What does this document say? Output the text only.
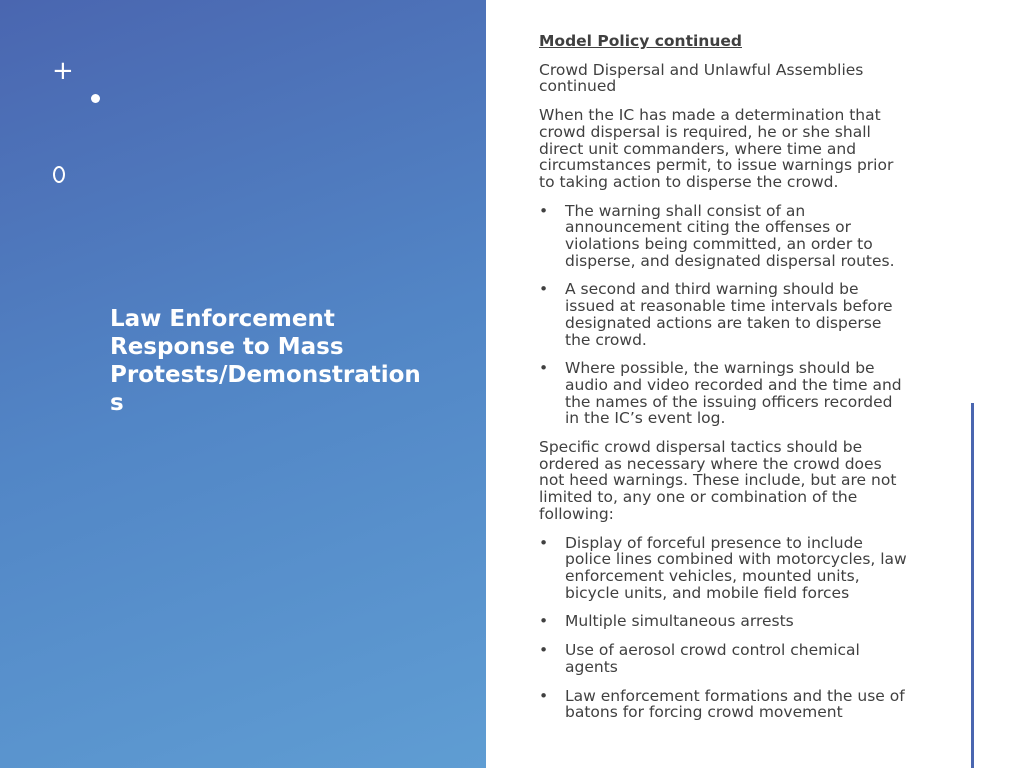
+
Law Enforcement
Response to Mass
Protests/Demonstration
s

Model Policy continued

Crowd Dispersal and Unlawful Assemblies
continued

When the IC has made a determination that
crowd dispersal is required, he or she shall
direct unit commanders, where time and
circumstances permit, to issue warnings prior
to taking action to disperse the crowd.

• The warning shall consist of an
announcement citing the offenses or
violations being committed, an order to
disperse, and designated dispersal routes.
• A second and third warning should be
issued at reasonable time intervals before
designated actions are taken to disperse
the crowd.
• Where possible, the warnings should be
audio and video recorded and the time and
the names of the issuing officers recorded
in the IC’s event log.

Specific crowd dispersal tactics should be
ordered as necessary where the crowd does
not heed warnings. These include, but are not
limited to, any one or combination of the
following:

• Display of forceful presence to include
police lines combined with motorcycles, law
enforcement vehicles, mounted units,
bicycle units, and mobile field forces
• Multiple simultaneous arrests
• Use of aerosol crowd control chemical
agents
• Law enforcement formations and the use of
batons for forcing crowd movement
